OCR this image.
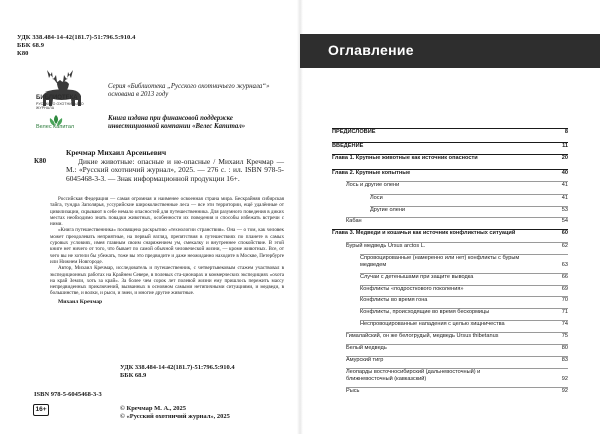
УДК 338.484-14-42(181.7)-51:796.5:910.4
ББК 68.9
К80
БИБЛИОТЕКА
РУССКОГО ОХОТНИЧЬЕГО ЖУРНАЛА
Серия «Библиотека „Русского охотничьего журнала“» основана в 2013 году
Велес Капитал
Книга издана при финансовой поддержке инвестиционной компании «Велес Капитал»
К80
Кречмар Михаил Арсеньевич
Дикие животные: опасные и не-опасные / Михаил Кречмар — М.: «Русский охотничий журнал», 2025. — 276 с. : ил. ISBN 978-5-6045468-3-3. — Знак информационной продукции 16+.

Российская Федерация — самая огромная и наименее освоенная страна мира. Бескрайняя сибирская тайга, тундра Заполярья, уссурийские широколиственные леса — все эти территории, ещё удалённые от цивилизации, скрывают в себе немало опасностей для путешественника. Для разумного поведения в диких местах необходимо знать повадки животных, особенности их поведения и способы избежать встречи с ними.

«Книга путешественника» посвящена раскрытию «технологии странствия». Она — о том, как человек может преодолевать неприятные, на первый взгляд, препятствия в путешествиях по планете в самых суровых условиях, имея главным своим снаряжением ум, смекалку и внутреннее спокойствие. В этой книге нет ничего от того, что бывает по самой обычной человеческой жизни, — кроме животных. Все, от чего вы не хотели бы убежать, тоже вы это предвидите и даже неожиданно находите в Москве, Петербурге или Нижнем Новгороде.

Автор, Михаил Кречмар, исследователь и путешественник, с четвертьвековым стажем участвовал в экспедиционных работах на Крайнем Севере, в полевых ста-ционарах и коммерческих экспедициях «охота на край Земли, хоть за край». За более чем сорок лет полевой жизни ему пришлось пережить массу непредвиденных приключений, вызванных в основном самыми нетипичными ситуациями, и медведи, в большинстве, и волки, и рыси, и змеи, и многие другие животные.

Михаил Кречмар

УДК 338.484-14-42(181.7)-51:796.5:910.4
ББК 68.9
ISBN 978-5-6045468-3-3
16+	© Кречмар М. А., 2025
© «Русский охотничий журнал», 2025
Оглавление
ПРЕДИСЛОВИЕ	8
ВВЕДЕНИЕ	11
Глава 1. Крупные животные как источник опасности	20
Глава 2. Крупные копытные	40
Лось и другие олени	41
Лоси	41
Другие олени	53
Кабан	54
Глава 3. Медведи и кошачьи как источник конфликтных ситуаций	60
Бурый медведь Ursus arctos L.	62
Спровоцированные (намеренно или нет) конфликты с бурым медведем	63
Случаи с детенышами при защите выводка	66
Конфликты «подросткового поколения»	69
Конфликты во время гона	70
Конфликты, происходящие во время бескормицы	71
Неспровоцированные нападения с целью хищничества	74
Гималайский, он же белогрудый, медведь Ursus thibetanus	75
Белый медведь	80
Амурский тигр	83
Леопарды восточносибирский (дальневосточный) и ближневосточный (кавказский)	92
Рысь	92
